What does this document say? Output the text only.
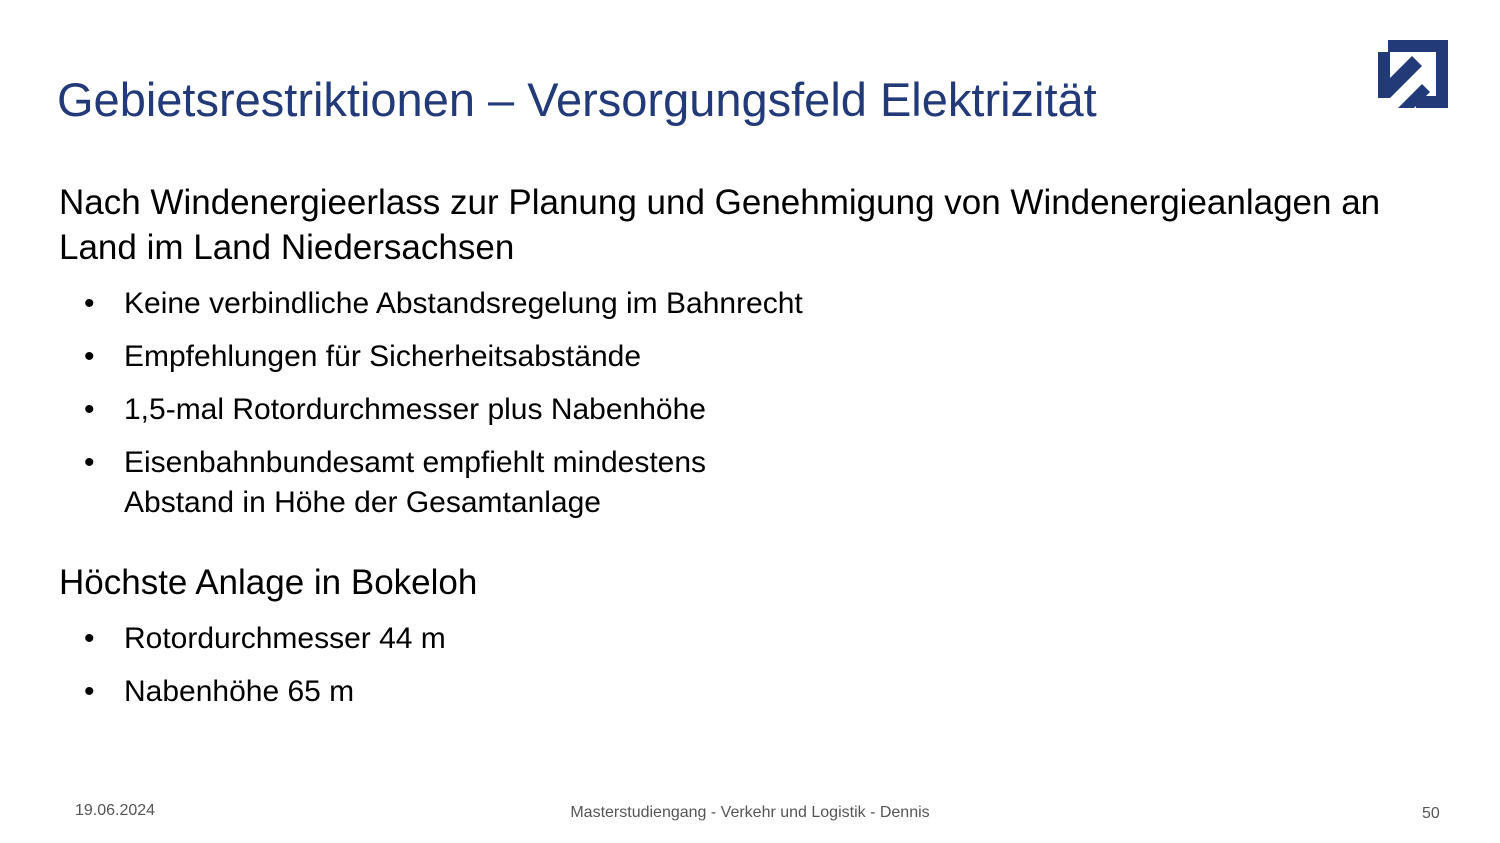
Gebietsrestriktionen – Versorgungsfeld Elektrizität
Nach Windenergieerlass zur Planung und Genehmigung von Windenergieanlagen an Land im Land Niedersachsen
• Keine verbindliche Abstandsregelung im Bahnrecht
• Empfehlungen für Sicherheitsabstände
• 1,5-mal Rotordurchmesser plus Nabenhöhe
• Eisenbahnbundesamt empfiehlt mindestens Abstand in Höhe der Gesamtanlage
Höchste Anlage in Bokeloh
• Rotordurchmesser 44 m
• Nabenhöhe 65 m
19.06.2024	Masterstudiengang - Verkehr und Logistik - Dennis	50
